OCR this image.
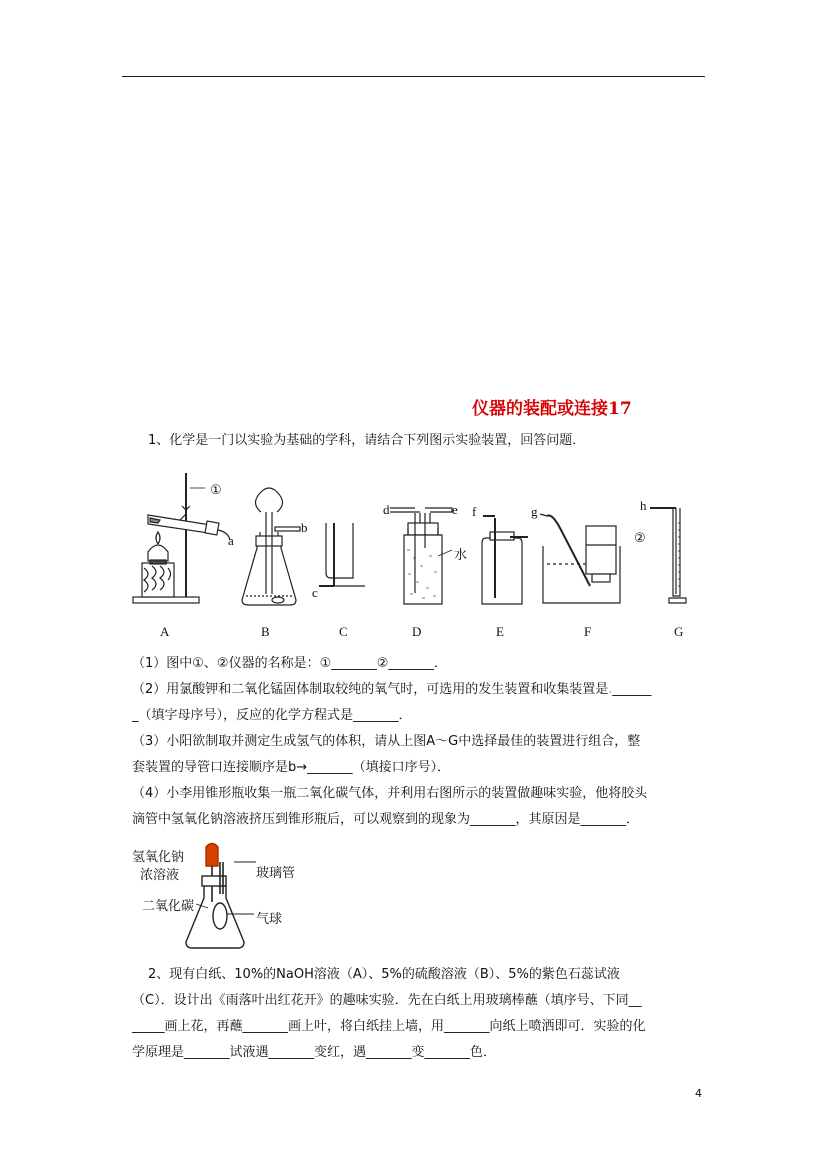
仪器的装配或连接17
1、化学是一门以实验为基础的学科，请结合下列图示实验装置，回答问题．
①
②
a
b
c
d	e f	g	h
水
A	B	C	D	E	F	G
（1）图中①、②仪器的名称是：①_______②_______．
（2）用氯酸钾和二氧化锰固体制取较纯的氧气时，可选用的发生装置和收集装置是.______
_（填字母序号），反应的化学方程式是_______．
（3）小阳欲制取并测定生成氢气的体积，请从上图A～G中选择最佳的装置进行组合，整
套装置的导管口连接顺序是b→_______（填接口序号）．
（4）小李用锥形瓶收集一瓶二氧化碳气体，并利用右图所示的装置做趣味实验，他将胶头
滴管中氢氧化钠溶液挤压到锥形瓶后，可以观察到的现象为_______，其原因是_______．
氢氧化钠
浓溶液	玻璃管
二氧化碳
气球
2、现有白纸、10%的NaOH溶液（A）、5%的硫酸溶液（B）、5%的紫色石蕊试液
（C）．设计出《雨落叶出红花开》的趣味实验．先在白纸上用玻璃棒蘸（填序号、下同__
_____画上花，再蘸_______画上叶，将白纸挂上墙，用_______向纸上喷洒即可．实验的化
学原理是_______试液遇_______变红，遇_______变_______色．
4
